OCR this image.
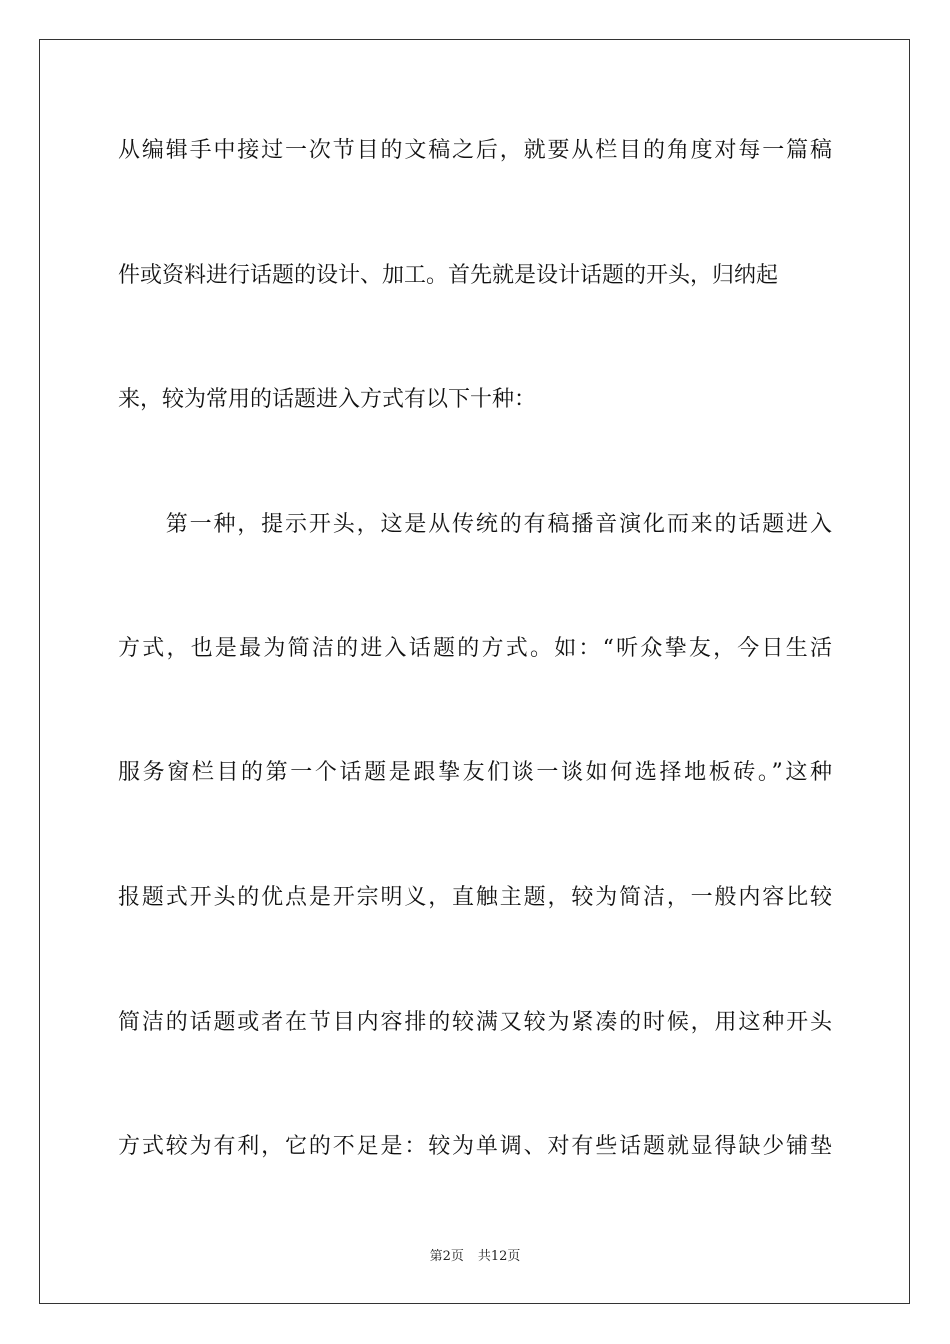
从编辑手中接过一次节目的文稿之后，就要从栏目的角度对每一篇稿
件或资料进行话题的设计、加工。首先就是设计话题的开头，归纳起
来，较为常用的话题进入方式有以下十种：
　　第一种，提示开头，这是从传统的有稿播音演化而来的话题进入
方式，也是最为简洁的进入话题的方式。如：“听众挚友，今日生活
服务窗栏目的第一个话题是跟挚友们谈一谈如何选择地板砖。”这种
报题式开头的优点是开宗明义，直触主题，较为简洁，一般内容比较
简洁的话题或者在节目内容排的较满又较为紧凑的时候，用这种开头
方式较为有利，它的不足是：较为单调、对有些话题就显得缺少铺垫
第2页 共12页
